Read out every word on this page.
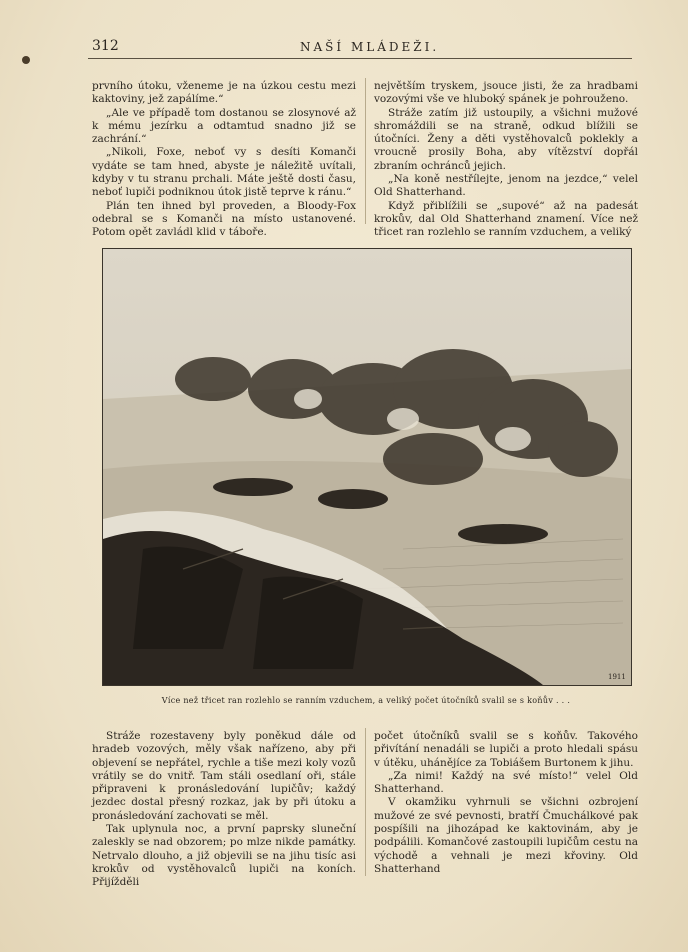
312	NAŠÍ MLÁDEŽI.

prvního útoku, vženeme je na úzkou cestu mezi kaktoviny, jež zapálíme.“

„Ale ve případě tom dostanou se zlosynové až k mému jezírku a odtamtud snadno již se zachrání.“

„Nikoli, Foxe, neboť vy s desíti Komanči vydáte se tam hned, abyste je náležitě uvítali, kdyby v tu stranu prchali. Máte ještě dosti času, neboť lupiči podniknou útok jistě teprve k ránu.“

Plán ten ihned byl proveden, a Bloody-Fox odebral se s Komanči na místo ustanovené. Potom opět zavládl klid v táboře.

největším tryskem, jsouce jisti, že za hradbami vozovými vše ve hluboký spánek je pohrouženo.

Stráže zatím již ustoupily, a všichni mužové shromáždili se na straně, odkud blížili se útočníci. Ženy a děti vystěhovalců poklekly a vroucně prosily Boha, aby vítězství dopřál zbraním ochránců jejich.

„Na koně nestřílejte, jenom na jezdce,“ velel Old Shatterhand.

Když přiblížili se „supové“ až na padesát krokův, dal Old Shatterhand znamení. Více než třicet ran rozlehlo se ranním vzduchem, a veliký

1911
Více než třicet ran rozlehlo se ranním vzduchem, a veliký počet útočníků svalil se s koňův . . .

Stráže rozestaveny byly poněkud dále od hradeb vozových, měly však nařízeno, aby při objevení se nepřátel, rychle a tiše mezi koly vozů vrátily se do vnitř. Tam stáli osedlaní oři, stále připraveni k pronásledování lupičův; každý jezdec dostal přesný rozkaz, jak by při útoku a pronásledování zachovati se měl.

Tak uplynula noc, a první paprsky sluneční zaleskly se nad obzorem; po mlze nikde památky. Netrvalo dlouho, a již objevili se na jihu tisíc asi krokův od vystěhovalců lupiči na koních. Přijížděli

počet útočníků svalil se s koňův. Takového přivítání nenadáli se lupiči a proto hledali spásu v útěku, uhánějíce za Tobiášem Burtonem k jihu.

„Za nimi! Každý na své místo!“ velel Old Shatterhand.

V okamžiku vyhrnuli se všichni ozbrojení mužové ze své pevnosti, bratří Čmuchálkové pak pospíšili na jihozápad ke kaktovinám, aby je podpálili. Komančové zastoupili lupičům cestu na východě a vehnali je mezi křoviny. Old Shatterhand
